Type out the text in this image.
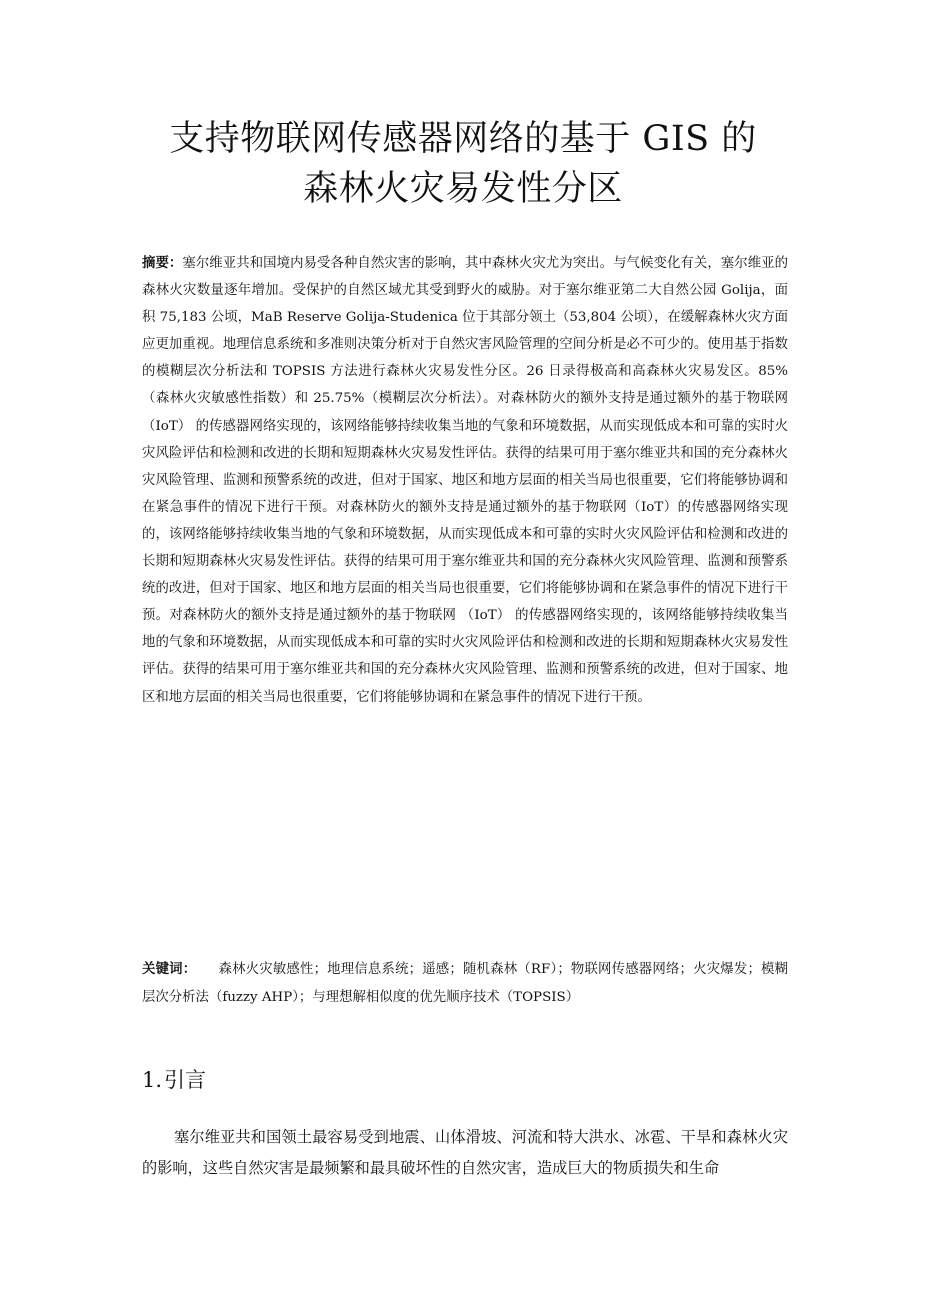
支持物联网传感器网络的基于 GIS 的
森林火灾易发性分区

摘要：塞尔维亚共和国境内易受各种自然灾害的影响，其中森林火灾尤为突出。与气候变化有关，塞尔维亚的森林火灾数量逐年增加。受保护的自然区域尤其受到野火的威胁。对于塞尔维亚第二大自然公园 Golija，面积 75,183 公顷，MaB Reserve Golija-Studenica 位于其部分领土（53,804 公顷），在缓解森林火灾方面应更加重视。地理信息系统和多准则决策分析对于自然灾害风险管理的空间分析是必不可少的。使用基于指数的模糊层次分析法和 TOPSIS 方法进行森林火灾易发性分区。26 日录得极高和高森林火灾易发区。85%（森林火灾敏感性指数）和 25.75%（模糊层次分析法）。对森林防火的额外支持是通过额外的基于物联网（IoT） 的传感器网络实现的，该网络能够持续收集当地的气象和环境数据，从而实现低成本和可靠的实时火灾风险评估和检测和改进的长期和短期森林火灾易发性评估。获得的结果可用于塞尔维亚共和国的充分森林火灾风险管理、监测和预警系统的改进，但对于国家、地区和地方层面的相关当局也很重要，它们将能够协调和在紧急事件的情况下进行干预。对森林防火的额外支持是通过额外的基于物联网（IoT）的传感器网络实现的，该网络能够持续收集当地的气象和环境数据，从而实现低成本和可靠的实时火灾风险评估和检测和改进的长期和短期森林火灾易发性评估。获得的结果可用于塞尔维亚共和国的充分森林火灾风险管理、监测和预警系统的改进，但对于国家、地区和地方层面的相关当局也很重要，它们将能够协调和在紧急事件的情况下进行干预。对森林防火的额外支持是通过额外的基于物联网 （IoT） 的传感器网络实现的，该网络能够持续收集当地的气象和环境数据，从而实现低成本和可靠的实时火灾风险评估和检测和改进的长期和短期森林火灾易发性评估。获得的结果可用于塞尔维亚共和国的充分森林火灾风险管理、监测和预警系统的改进，但对于国家、地区和地方层面的相关当局也很重要，它们将能够协调和在紧急事件的情况下进行干预。

关键词： 森林火灾敏感性；地理信息系统；遥感；随机森林（RF）；物联网传感器网络；火灾爆发；模糊层次分析法（fuzzy AHP）；与理想解相似度的优先顺序技术（TOPSIS）

1.引言

塞尔维亚共和国领土最容易受到地震、山体滑坡、河流和特大洪水、冰雹、干旱和森林火灾的影响，这些自然灾害是最频繁和最具破坏性的自然灾害，造成巨大的物质损失和生命
